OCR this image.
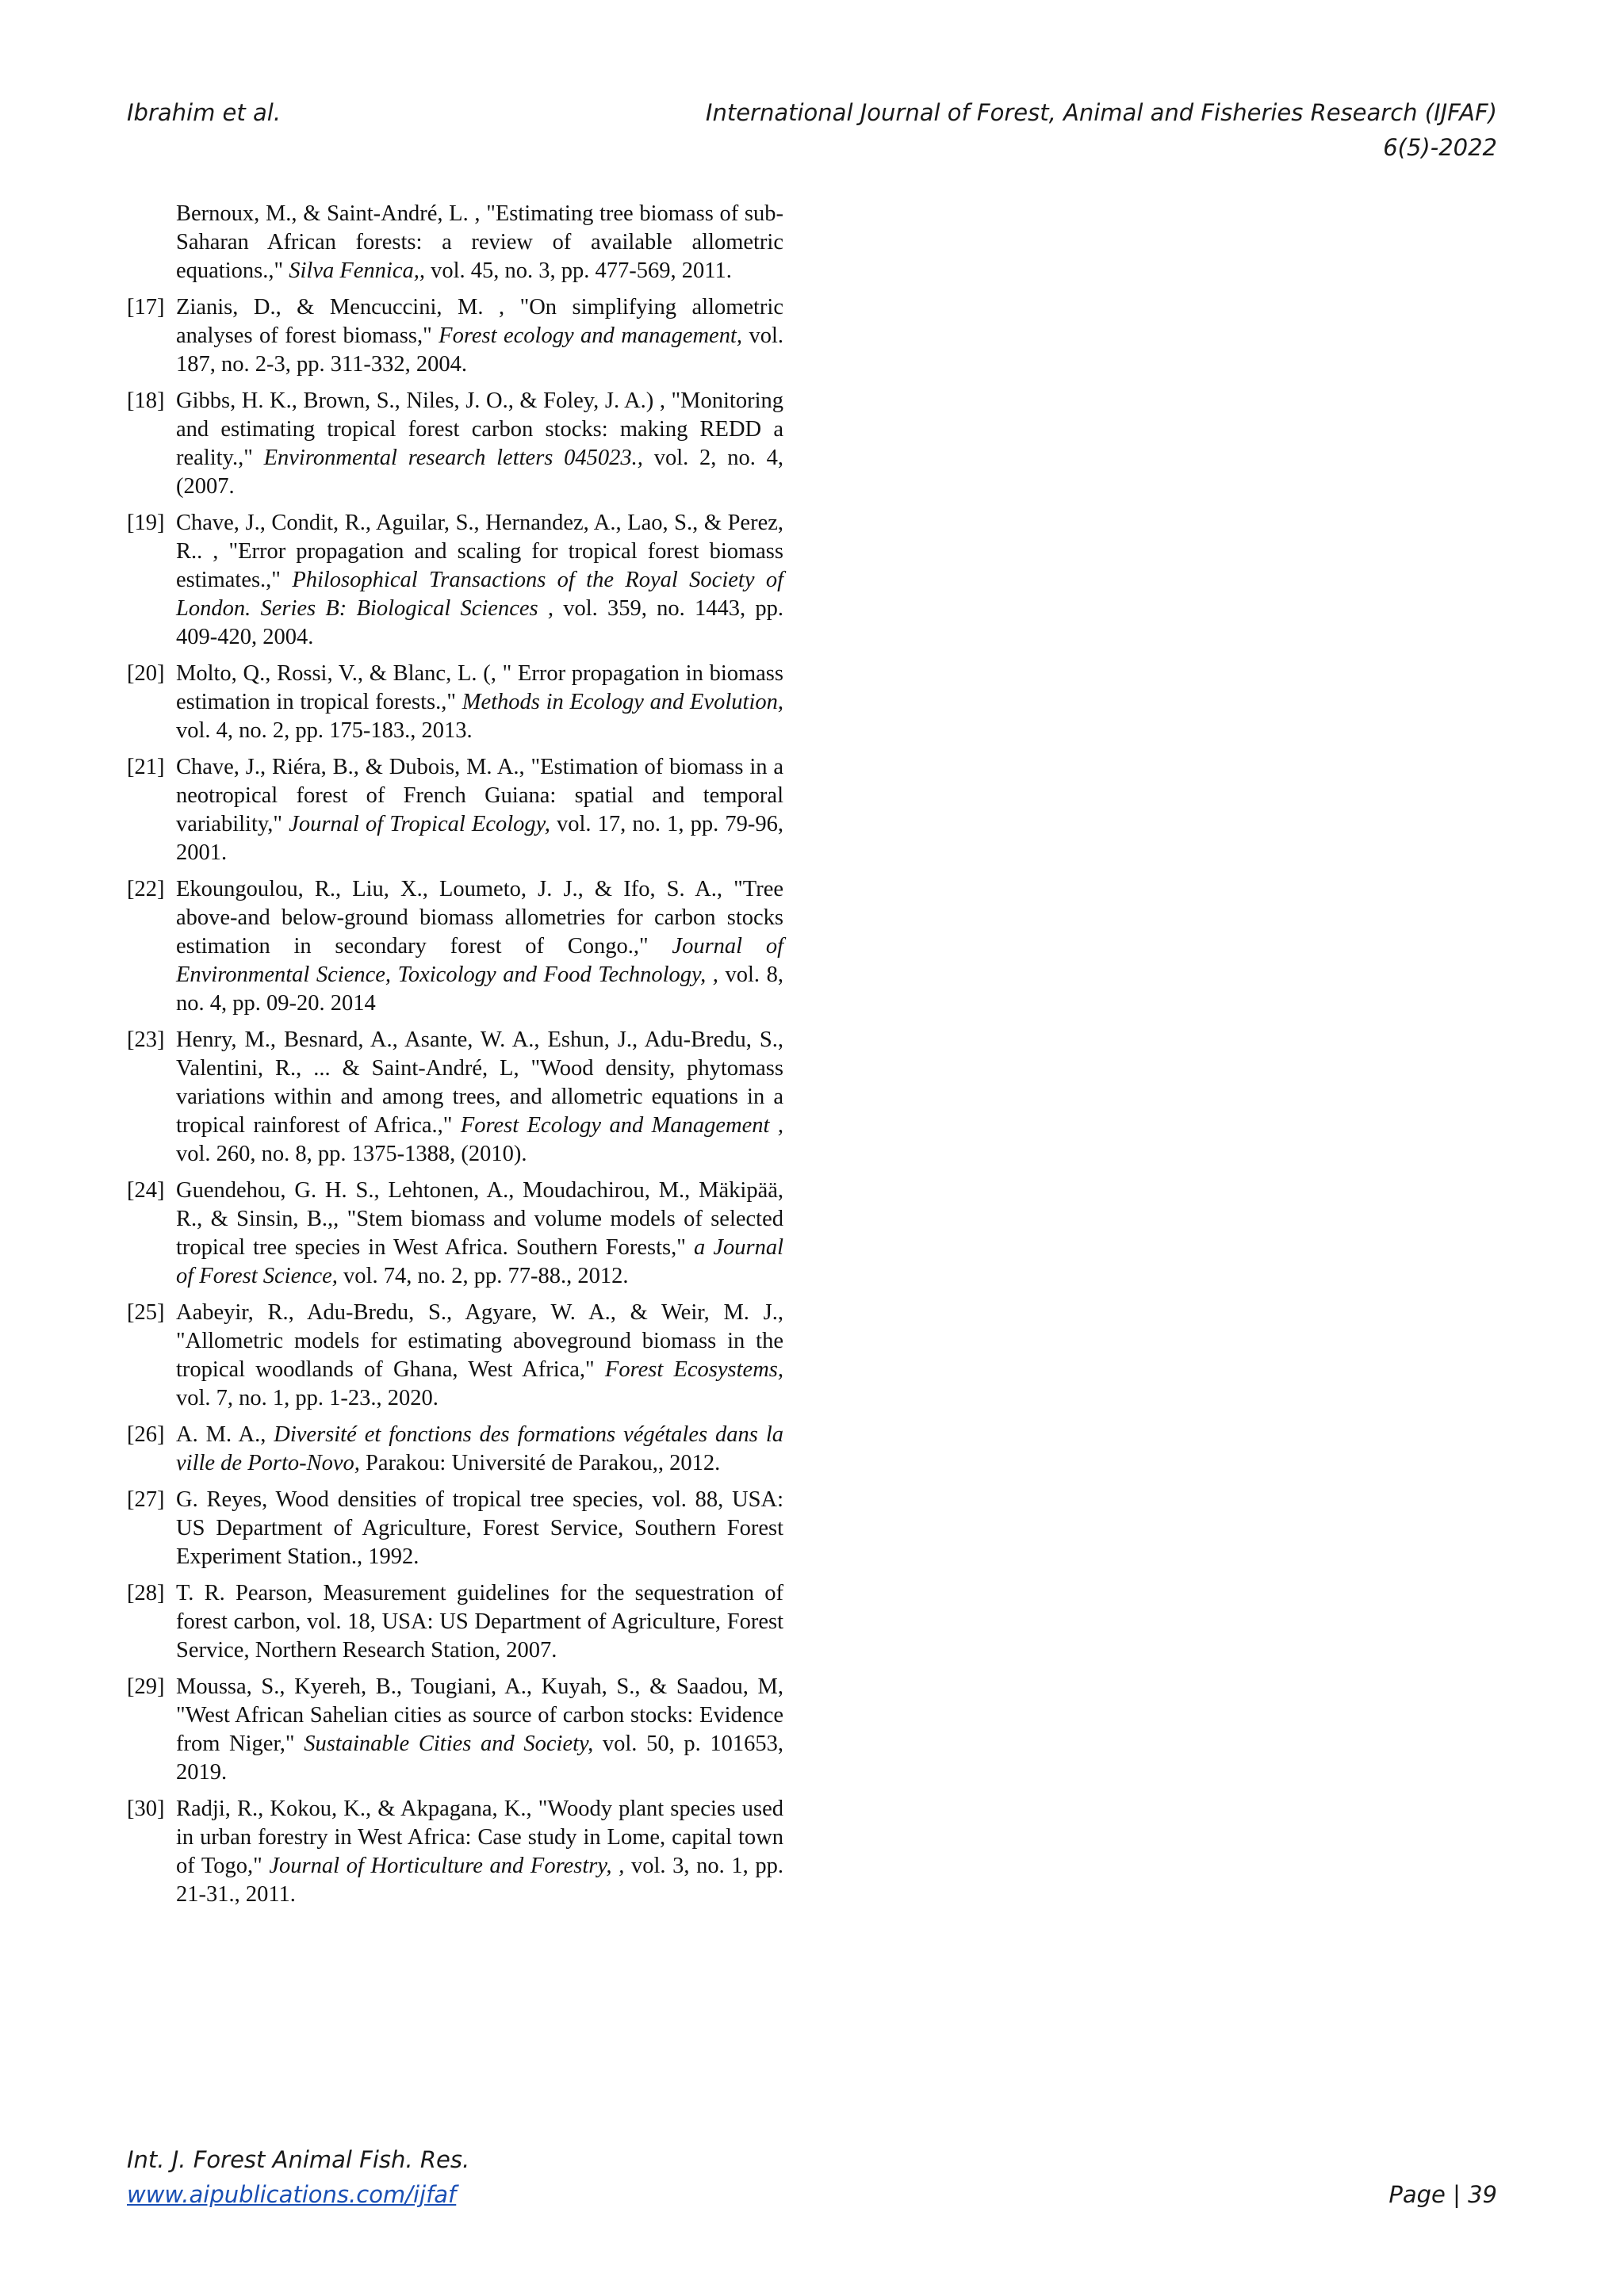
Ibrahim et al.	International Journal of Forest, Animal and Fisheries Research (IJFAF)
6(5)-2022
Bernoux, M., & Saint-André, L. , "Estimating tree biomass of sub-Saharan African forests: a review of available allometric equations.," Silva Fennica,, vol. 45, no. 3, pp. 477-569, 2011.
[17] Zianis, D., & Mencuccini, M. , "On simplifying allometric analyses of forest biomass," Forest ecology and management, vol. 187, no. 2-3, pp. 311-332, 2004.
[18] Gibbs, H. K., Brown, S., Niles, J. O., & Foley, J. A.) , "Monitoring and estimating tropical forest carbon stocks: making REDD a reality.," Environmental research letters 045023., vol. 2, no. 4, (2007.
[19] Chave, J., Condit, R., Aguilar, S., Hernandez, A., Lao, S., & Perez, R.. , "Error propagation and scaling for tropical forest biomass estimates.," Philosophical Transactions of the Royal Society of London. Series B: Biological Sciences , vol. 359, no. 1443, pp. 409-420, 2004.
[20] Molto, Q., Rossi, V., & Blanc, L. (, " Error propagation in biomass estimation in tropical forests.," Methods in Ecology and Evolution, vol. 4, no. 2, pp. 175-183., 2013.
[21] Chave, J., Riéra, B., & Dubois, M. A., "Estimation of biomass in a neotropical forest of French Guiana: spatial and temporal variability," Journal of Tropical Ecology, vol. 17, no. 1, pp. 79-96, 2001.
[22] Ekoungoulou, R., Liu, X., Loumeto, J. J., & Ifo, S. A., "Tree above-and below-ground biomass allometries for carbon stocks estimation in secondary forest of Congo.," Journal of Environmental Science, Toxicology and Food Technology, , vol. 8, no. 4, pp. 09-20. 2014
[23] Henry, M., Besnard, A., Asante, W. A., Eshun, J., Adu-Bredu, S., Valentini, R., ... & Saint-André, L, "Wood density, phytomass variations within and among trees, and allometric equations in a tropical rainforest of Africa.," Forest Ecology and Management , vol. 260, no. 8, pp. 1375-1388, (2010).
[24] Guendehou, G. H. S., Lehtonen, A., Moudachirou, M., Mäkipää, R., & Sinsin, B.,, "Stem biomass and volume models of selected tropical tree species in West Africa. Southern Forests," a Journal of Forest Science, vol. 74, no. 2, pp. 77-88., 2012.
[25] Aabeyir, R., Adu-Bredu, S., Agyare, W. A., & Weir, M. J., "Allometric models for estimating aboveground biomass in the tropical woodlands of Ghana, West Africa," Forest Ecosystems, vol. 7, no. 1, pp. 1-23., 2020.
[26] A. M. A., Diversité et fonctions des formations végétales dans la ville de Porto-Novo, Parakou: Université de Parakou,, 2012.
[27] G. Reyes, Wood densities of tropical tree species, vol. 88, USA: US Department of Agriculture, Forest Service, Southern Forest Experiment Station., 1992.
[28] T. R. Pearson, Measurement guidelines for the sequestration of forest carbon, vol. 18, USA: US Department of Agriculture, Forest Service, Northern Research Station, 2007.
[29] Moussa, S., Kyereh, B., Tougiani, A., Kuyah, S., & Saadou, M, "West African Sahelian cities as source of carbon stocks: Evidence from Niger," Sustainable Cities and Society, vol. 50, p. 101653, 2019.
[30] Radji, R., Kokou, K., & Akpagana, K., "Woody plant species used in urban forestry in West Africa: Case study in Lome, capital town of Togo," Journal of Horticulture and Forestry, , vol. 3, no. 1, pp. 21-31., 2011.
Int. J. Forest Animal Fish. Res.
www.aipublications.com/ijfaf	Page | 39
